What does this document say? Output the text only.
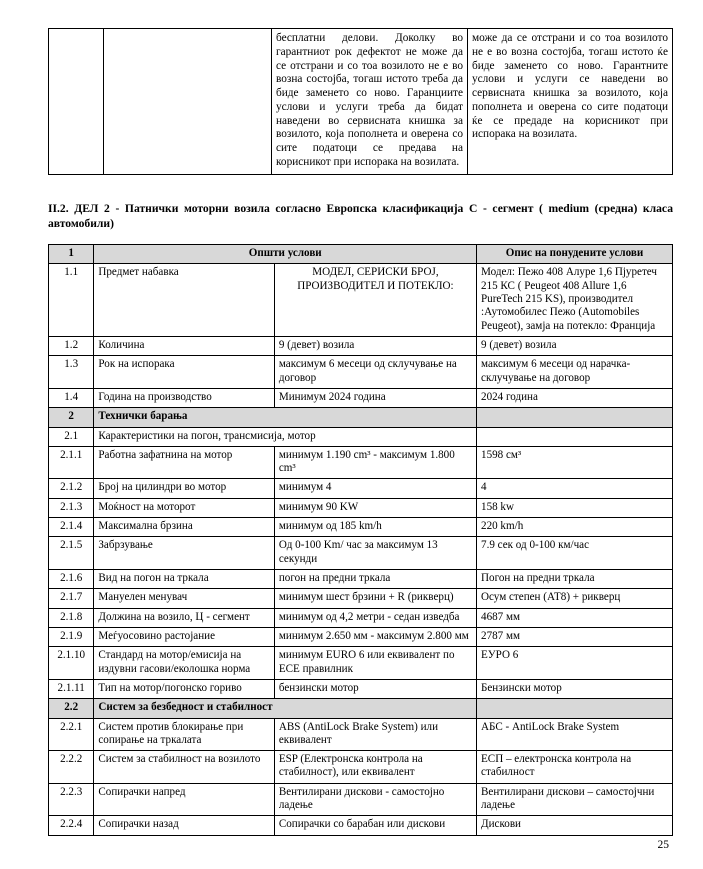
		бесплатни делови. Доколку во гарантниот рок дефектот не може да се отстрани и со тоа возилото не е во возна состојба, тогаш истото треба да биде заменето со ново. Гаранциите услови и услуги треба да бидат наведени во сервисната книшка за возилото, која пополнета и оверена со сите податоци се предава на корисникот при испорака на возилата.	може да се отстрани и со тоа возилото не е во возна состојба, тогаш истото ќе биде заменето со ново. Гарантните услови и услуги се наведени во сервисната книшка за возилото, која пополнета и оверена со сите податоци ќе се предаде на корисникот при испорака на возилата.
II.2. ДЕЛ 2 - Патнички моторни возила согласно Европска класификација С - сегмент ( medium (средна) класа автомобили)
1	Општи услови		Опис на понудените услови
1.1	Предмет набавка	МОДЕЛ, СЕРИСКИ БРОЈ, ПРОИЗВОДИТЕЛ И ПОТЕКЛО:	Модел: Пежо 408 Алуре 1,6 Пјуретеч 215 КС ( Peugeot 408 Allure 1,6 PureTech 215 KS), производител :Аутомобилес Пежо (Automobiles Peugeot), замја на потекло: Франција
1.2	Количина	9 (девет) возила	9 (девет) возила
1.3	Рок на испорака	максимум 6 месеци од склучување на договор	максимум 6 месеци од нарачка-склучување на договор
1.4	Година на производство	Минимум 2024 година	2024 година
2	Технички барања		
2.1	Карактеристики на погон, трансмисија, мотор		
2.1.1	Работна зафатнина на мотор	минимум 1.190 cm³ - максимум 1.800 cm³	1598 см³
2.1.2	Број на цилиндри во мотор	минимум 4	4
2.1.3	Моќност на моторот	минимум 90 KW	158 kw
2.1.4	Максимална брзина	минимум од 185 km/h	220 km/h
2.1.5	Забрзување	Од 0-100 Km/ час за максимум 13 секунди	7.9 сек од 0-100 км/час
2.1.6	Вид на погон на тркала	погон на предни тркала	Погон на предни тркала
2.1.7	Мануелен менувач	минимум шест брзини + R (риквeрц)	Осум степен (АТ8) + риквeрц
2.1.8	Должина на возило, Ц - сегмент	минимум од 4,2 метри - седан изведба	4687 мм
2.1.9	Меѓуосовино растојание	минимум 2.650 мм - максимум 2.800 мм	2787 мм
2.1.10	Стандард на мотор/емисија на издувни гасови/еколошка норма	минимум EURO 6 или еквивалент по ECE правилник	ЕУРО 6
2.1.11	Тип на мотор/погонско гориво	бензински мотор	Бензински мотор
2.2	Систем за безбедност и стабилност		
2.2.1	Систем против блокирање при сопирање на тркалата	ABS (AntiLock Brake System) или еквивалент	АБС - AntiLock Brake System
2.2.2	Систем за стабилност на возилото	ESP (Електронска контрола на стабилност), или еквивалент	ЕСП – електронска контрола на стабилност
2.2.3	Сопирачки напред	Вентилирани дискови - самостојно ладење	Вентилирани дискови – самостојчни ладење
2.2.4	Сопирачки назад	Сопирачки со барабан или дискови	Дискови
25
